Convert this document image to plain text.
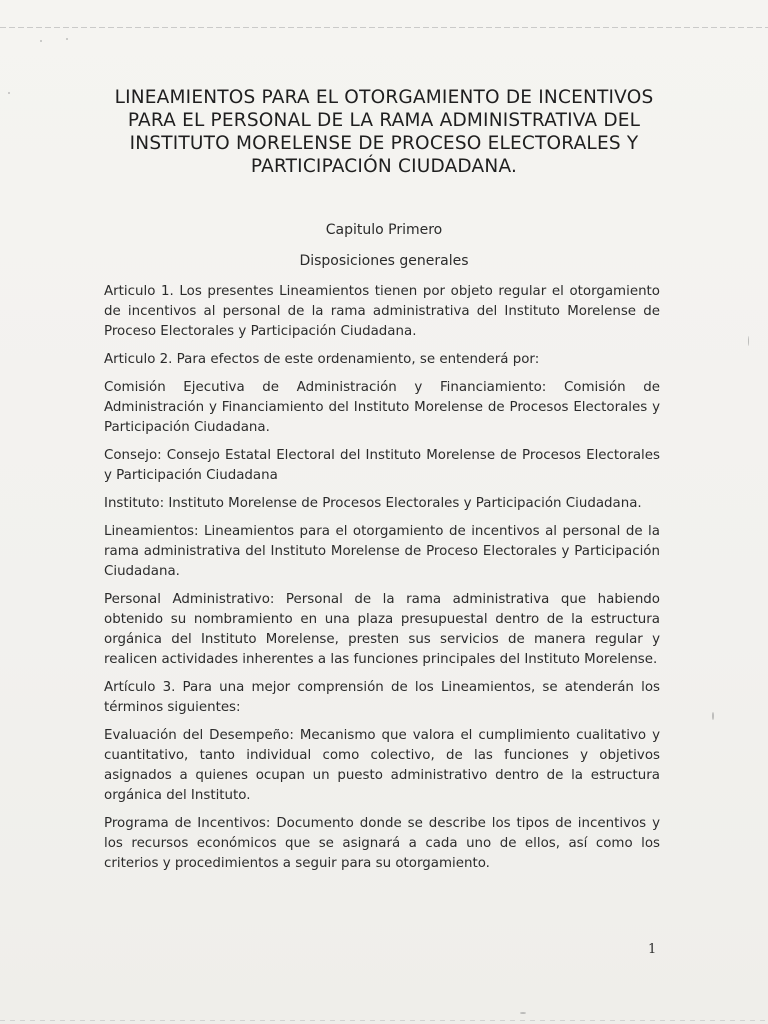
LINEAMIENTOS PARA EL OTORGAMIENTO DE INCENTIVOS
PARA EL PERSONAL DE LA RAMA ADMINISTRATIVA DEL
INSTITUTO MORELENSE DE PROCESO ELECTORALES Y
PARTICIPACIÓN CIUDADANA.
Capitulo Primero
Disposiciones generales

Articulo 1. Los presentes Lineamientos tienen por objeto regular el otorgamiento de incentivos al personal de la rama administrativa del Instituto Morelense de Proceso Electorales y Participación Ciudadana.

Articulo 2. Para efectos de este ordenamiento, se entenderá por:

Comisión Ejecutiva de Administración y Financiamiento: Comisión de Administración y Financiamiento del Instituto Morelense de Procesos Electorales y Participación Ciudadana.

Consejo: Consejo Estatal Electoral del Instituto Morelense de Procesos Electorales y Participación Ciudadana

Instituto: Instituto Morelense de Procesos Electorales y Participación Ciudadana.

Lineamientos: Lineamientos para el otorgamiento de incentivos al personal de la rama administrativa del Instituto Morelense de Proceso Electorales y Participación Ciudadana.

Personal Administrativo: Personal de la rama administrativa que habiendo obtenido su nombramiento en una plaza presupuestal dentro de la estructura orgánica del Instituto Morelense, presten sus servicios de manera regular y realicen actividades inherentes a las funciones principales del Instituto Morelense.

Artículo 3. Para una mejor comprensión de los Lineamientos, se atenderán los términos siguientes:

Evaluación del Desempeño: Mecanismo que valora el cumplimiento cualitativo y cuantitativo, tanto individual como colectivo, de las funciones y objetivos asignados a quienes ocupan un puesto administrativo dentro de la estructura orgánica del Instituto.

Programa de Incentivos: Documento donde se describe los tipos de incentivos y los recursos económicos que se asignará a cada uno de ellos, así como los criterios y procedimientos a seguir para su otorgamiento.

1
